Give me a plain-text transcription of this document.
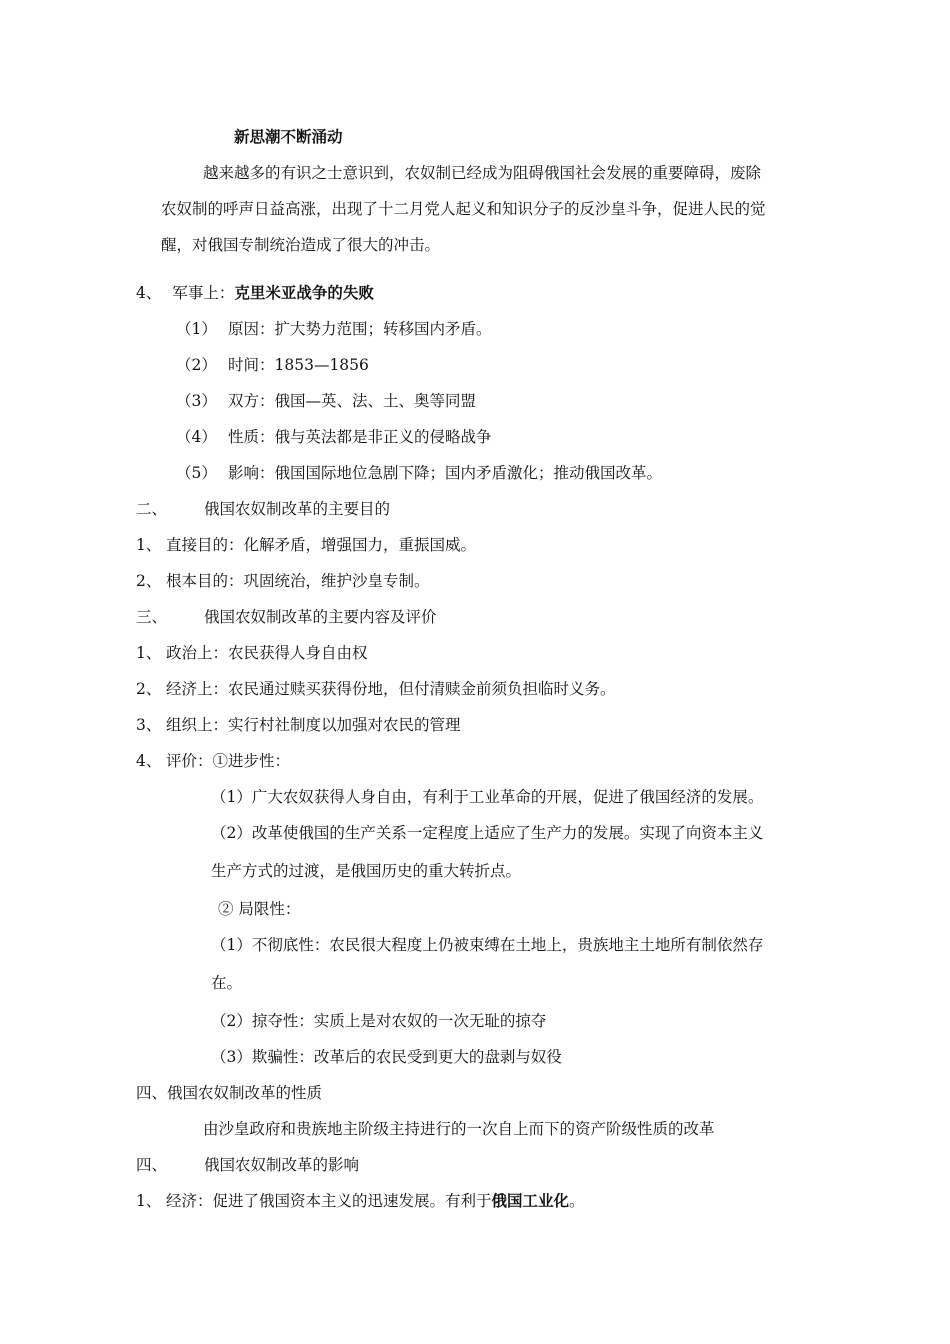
新思潮不断涌动
越来越多的有识之士意识到，农奴制已经成为阻碍俄国社会发展的重要障碍，废除
农奴制的呼声日益高涨，出现了十二月党人起义和知识分子的反沙皇斗争，促进人民的觉
醒，对俄国专制统治造成了很大的冲击。
4、 军事上：克里米亚战争的失败
（1） 原因：扩大势力范围；转移国内矛盾。
（2） 时间：1853—1856
（3） 双方：俄国—英、法、土、奥等同盟
（4） 性质：俄与英法都是非正义的侵略战争
（5） 影响：俄国国际地位急剧下降；国内矛盾激化；推动俄国改革。
二、 俄国农奴制改革的主要目的
1、 直接目的：化解矛盾，增强国力，重振国威。
2、 根本目的：巩固统治，维护沙皇专制。
三、 俄国农奴制改革的主要内容及评价
1、 政治上：农民获得人身自由权
2、 经济上：农民通过赎买获得份地，但付清赎金前须负担临时义务。
3、 组织上：实行村社制度以加强对农民的管理
4、 评价：①进步性：
（1）广大农奴获得人身自由，有利于工业革命的开展，促进了俄国经济的发展。
（2）改革使俄国的生产关系一定程度上适应了生产力的发展。实现了向资本主义
生产方式的过渡，是俄国历史的重大转折点。
② 局限性：
（1）不彻底性：农民很大程度上仍被束缚在土地上，贵族地主土地所有制依然存
在。
（2）掠夺性：实质上是对农奴的一次无耻的掠夺
（3）欺骗性：改革后的农民受到更大的盘剥与奴役
四、俄国农奴制改革的性质
由沙皇政府和贵族地主阶级主持进行的一次自上而下的资产阶级性质的改革
四、 俄国农奴制改革的影响
1、 经济：促进了俄国资本主义的迅速发展。有利于俄国工业化。
